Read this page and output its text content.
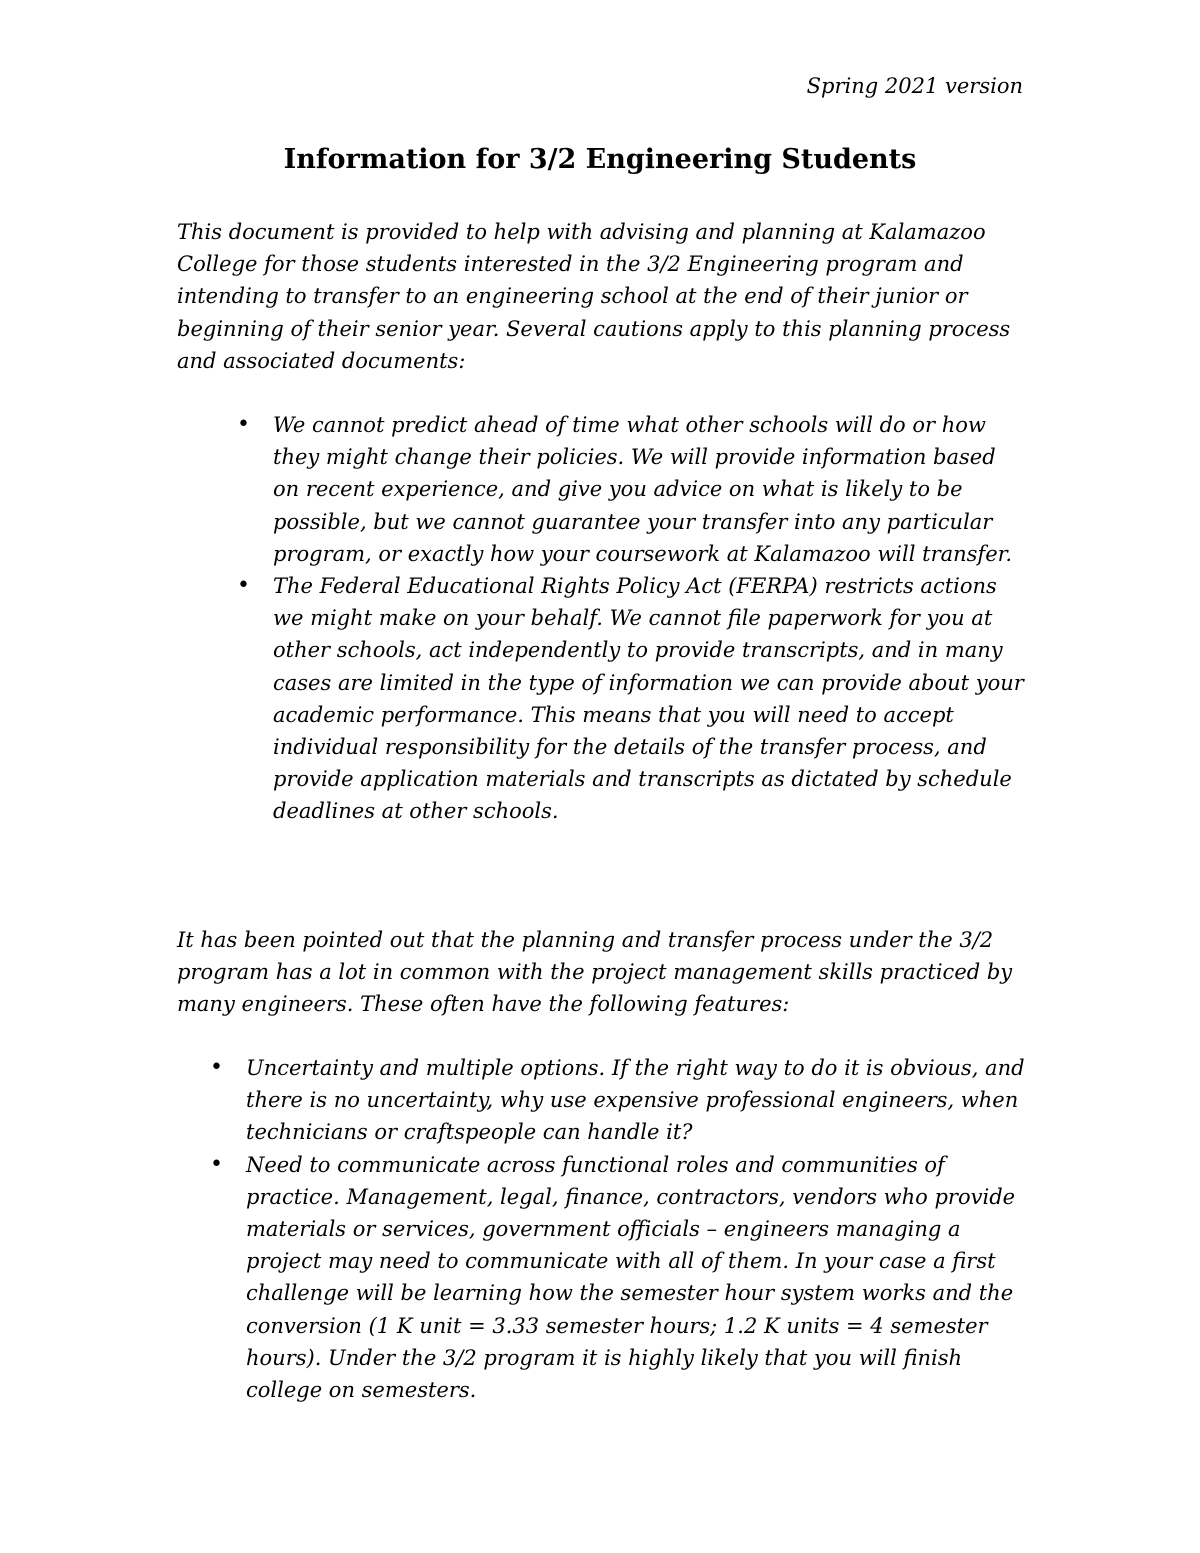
Spring 2021 version

Information for 3/2 Engineering Students

This document is provided to help with advising and planning at Kalamazoo College for those students interested in the 3/2 Engineering program and intending to transfer to an engineering school at the end of their junior or beginning of their senior year. Several cautions apply to this planning process and associated documents:

• We cannot predict ahead of time what other schools will do or how they might change their policies. We will provide information based on recent experience, and give you advice on what is likely to be possible, but we cannot guarantee your transfer into any particular program, or exactly how your coursework at Kalamazoo will transfer.
• The Federal Educational Rights Policy Act (FERPA) restricts actions we might make on your behalf. We cannot file paperwork for you at other schools, act independently to provide transcripts, and in many cases are limited in the type of information we can provide about your academic performance. This means that you will need to accept individual responsibility for the details of the transfer process, and provide application materials and transcripts as dictated by schedule deadlines at other schools.

It has been pointed out that the planning and transfer process under the 3/2 program has a lot in common with the project management skills practiced by many engineers. These often have the following features:

• Uncertainty and multiple options. If the right way to do it is obvious, and there is no uncertainty, why use expensive professional engineers, when technicians or craftspeople can handle it?
• Need to communicate across functional roles and communities of practice. Management, legal, finance, contractors, vendors who provide materials or services, government officials – engineers managing a project may need to communicate with all of them. In your case a first challenge will be learning how the semester hour system works and the conversion (1 K unit = 3.33 semester hours; 1.2 K units = 4 semester hours). Under the 3/2 program it is highly likely that you will finish college on semesters.
